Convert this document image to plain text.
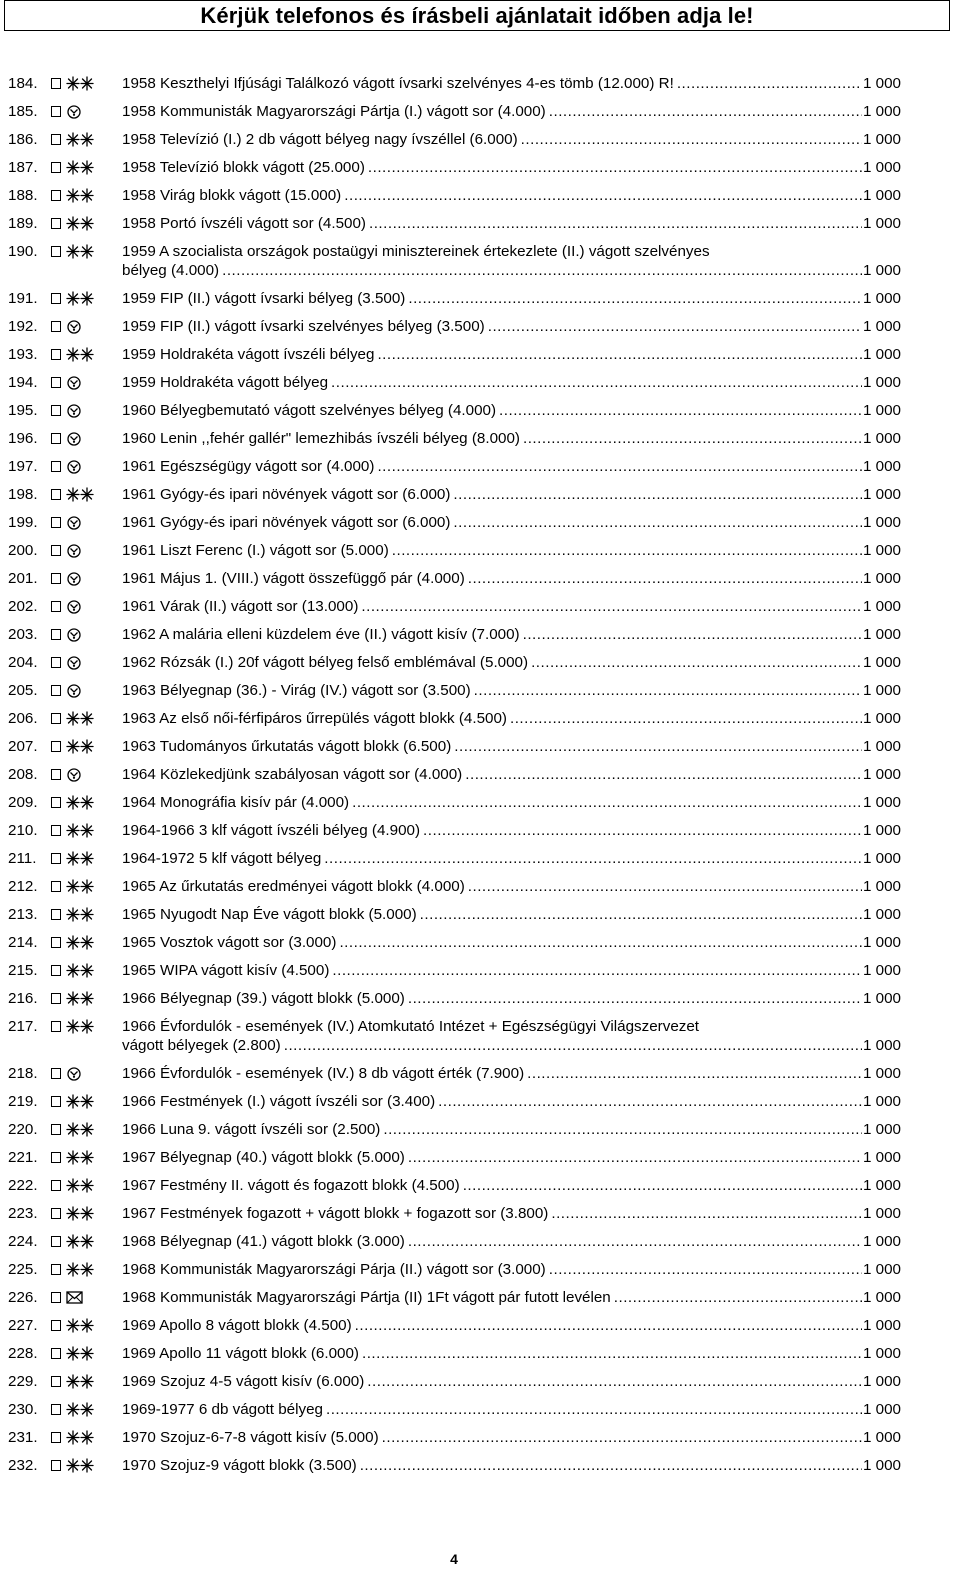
Kérjük telefonos és írásbeli ajánlatait időben adja le!
184.	1958 Keszthelyi Ifjúsági Találkozó vágott ívsarki szelvényes 4-es tömb (12.000) R! .....	1 000
185.	1958 Kommunisták Magyarországi Pártja (I.) vágott sor (4.000) .....	1 000
186.	1958 Televízió (I.) 2 db vágott bélyeg nagy ívszéllel (6.000) .....	1 000
187.	1958 Televízió blokk vágott (25.000) .....	1 000
188.	1958 Virág blokk vágott (15.000) .....	1 000
189.	1958 Portó ívszéli vágott sor (4.500) .....	1 000
190.	1959 A szocialista országok postaügyi minisztereinek értekezlete (II.) vágott szelvényes
bélyeg (4.000) .....	1 000
191.	1959 FIP (II.) vágott ívsarki bélyeg (3.500) .....	1 000
192.	1959 FIP (II.) vágott ívsarki szelvényes bélyeg (3.500) .....	1 000
193.	1959 Holdrakéta vágott ívszéli bélyeg .....	1 000
194.	1959 Holdrakéta vágott bélyeg .....	1 000
195.	1960 Bélyegbemutató vágott szelvényes bélyeg (4.000) .....	1 000
196.	1960 Lenin ,,fehér gallér" lemezhibás ívszéli bélyeg (8.000) .....	1 000
197.	1961 Egészségügy vágott sor (4.000) .....	1 000
198.	1961 Gyógy-és ipari növények vágott sor (6.000) .....	1 000
199.	1961 Gyógy-és ipari növények vágott sor (6.000) .....	1 000
200.	1961 Liszt Ferenc (I.) vágott sor (5.000) .....	1 000
201.	1961 Május 1. (VIII.) vágott összefüggő pár (4.000) .....	1 000
202.	1961 Várak (II.) vágott sor (13.000) .....	1 000
203.	1962 A malária elleni küzdelem éve (II.) vágott kisív (7.000) .....	1 000
204.	1962 Rózsák (I.) 20f vágott bélyeg felső emblémával (5.000) .....	1 000
205.	1963 Bélyegnap (36.) - Virág (IV.) vágott sor (3.500) .....	1 000
206.	1963 Az első női-férfipáros űrrepülés vágott blokk (4.500) .....	1 000
207.	1963 Tudományos űrkutatás vágott blokk (6.500) .....	1 000
208.	1964 Közlekedjünk szabályosan vágott sor (4.000) .....	1 000
209.	1964 Monográfia kisív pár (4.000) .....	1 000
210.	1964-1966 3 klf vágott ívszéli bélyeg (4.900) .....	1 000
211.	1964-1972 5 klf vágott bélyeg .....	1 000
212.	1965 Az űrkutatás eredményei vágott blokk (4.000) .....	1 000
213.	1965 Nyugodt Nap Éve vágott blokk (5.000) .....	1 000
214.	1965 Vosztok vágott sor (3.000) .....	1 000
215.	1965 WIPA vágott kisív (4.500) .....	1 000
216.	1966 Bélyegnap (39.) vágott blokk (5.000) .....	1 000
217.	1966 Évfordulók - események (IV.) Atomkutató Intézet + Egészségügyi Világszervezet
vágott bélyegek (2.800) .....	1 000
218.	1966 Évfordulók - események (IV.) 8 db vágott érték (7.900) .....	1 000
219.	1966 Festmények (I.) vágott ívszéli sor (3.400) .....	1 000
220.	1966 Luna 9. vágott ívszéli sor (2.500) .....	1 000
221.	1967 Bélyegnap (40.) vágott blokk (5.000) .....	1 000
222.	1967 Festmény II. vágott és fogazott blokk (4.500) .....	1 000
223.	1967 Festmények fogazott + vágott blokk + fogazott sor (3.800) .....	1 000
224.	1968 Bélyegnap (41.) vágott blokk (3.000) .....	1 000
225.	1968 Kommunisták Magyarországi Párja (II.) vágott sor (3.000) .....	1 000
226.	1968 Kommunisták Magyarországi Pártja (II) 1Ft vágott pár futott levélen .....	1 000
227.	1969 Apollo 8 vágott blokk (4.500) .....	1 000
228.	1969 Apollo 11 vágott blokk (6.000) .....	1 000
229.	1969 Szojuz 4-5 vágott kisív (6.000) .....	1 000
230.	1969-1977 6 db vágott bélyeg .....	1 000
231.	1970 Szojuz-6-7-8 vágott kisív (5.000) .....	1 000
232.	1970 Szojuz-9 vágott blokk (3.500) .....	1 000
4
